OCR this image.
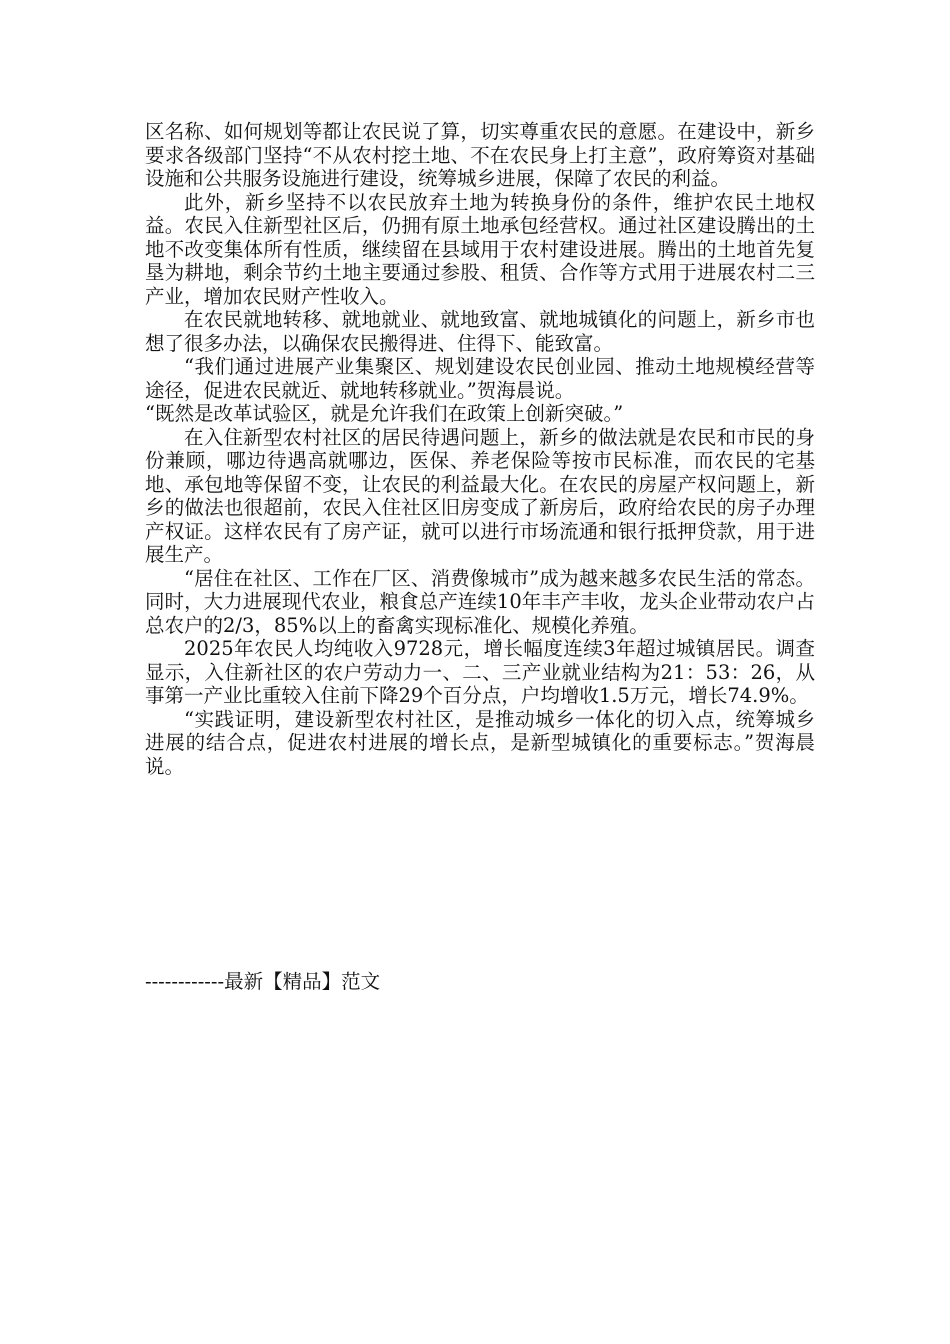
区名称、如何规划等都让农民说了算，切实尊重农民的意愿。在建设中，新乡要求各级部门坚持“不从农村挖土地、不在农民身上打主意”，政府筹资对基础设施和公共服务设施进行建设，统筹城乡进展，保障了农民的利益。

此外，新乡坚持不以农民放弃土地为转换身份的条件，维护农民土地权益。农民入住新型社区后，仍拥有原土地承包经营权。通过社区建设腾出的土地不改变集体所有性质，继续留在县域用于农村建设进展。腾出的土地首先复垦为耕地，剩余节约土地主要通过参股、租赁、合作等方式用于进展农村二三产业，增加农民财产性收入。

在农民就地转移、就地就业、就地致富、就地城镇化的问题上，新乡市也想了很多办法，以确保农民搬得进、住得下、能致富。

“我们通过进展产业集聚区、规划建设农民创业园、推动土地规模经营等途径，促进农民就近、就地转移就业。”贺海晨说。

“既然是改革试验区，就是允许我们在政策上创新突破。”

在入住新型农村社区的居民待遇问题上，新乡的做法就是农民和市民的身份兼顾，哪边待遇高就哪边，医保、养老保险等按市民标准，而农民的宅基地、承包地等保留不变，让农民的利益最大化。在农民的房屋产权问题上，新乡的做法也很超前，农民入住社区旧房变成了新房后，政府给农民的房子办理产权证。这样农民有了房产证，就可以进行市场流通和银行抵押贷款，用于进展生产。

“居住在社区、工作在厂区、消费像城市”成为越来越多农民生活的常态。同时，大力进展现代农业，粮食总产连续10年丰产丰收，龙头企业带动农户占总农户的2/3，85%以上的畜禽实现标准化、规模化养殖。

2025年农民人均纯收入9728元，增长幅度连续3年超过城镇居民。调查显示，入住新社区的农户劳动力一、二、三产业就业结构为21：53：26，从事第一产业比重较入住前下降29个百分点，户均增收1.5万元，增长74.9%。

“实践证明，建设新型农村社区，是推动城乡一体化的切入点，统筹城乡进展的结合点，促进农村进展的增长点，是新型城镇化的重要标志。”贺海晨说。

------------最新【精品】范文
